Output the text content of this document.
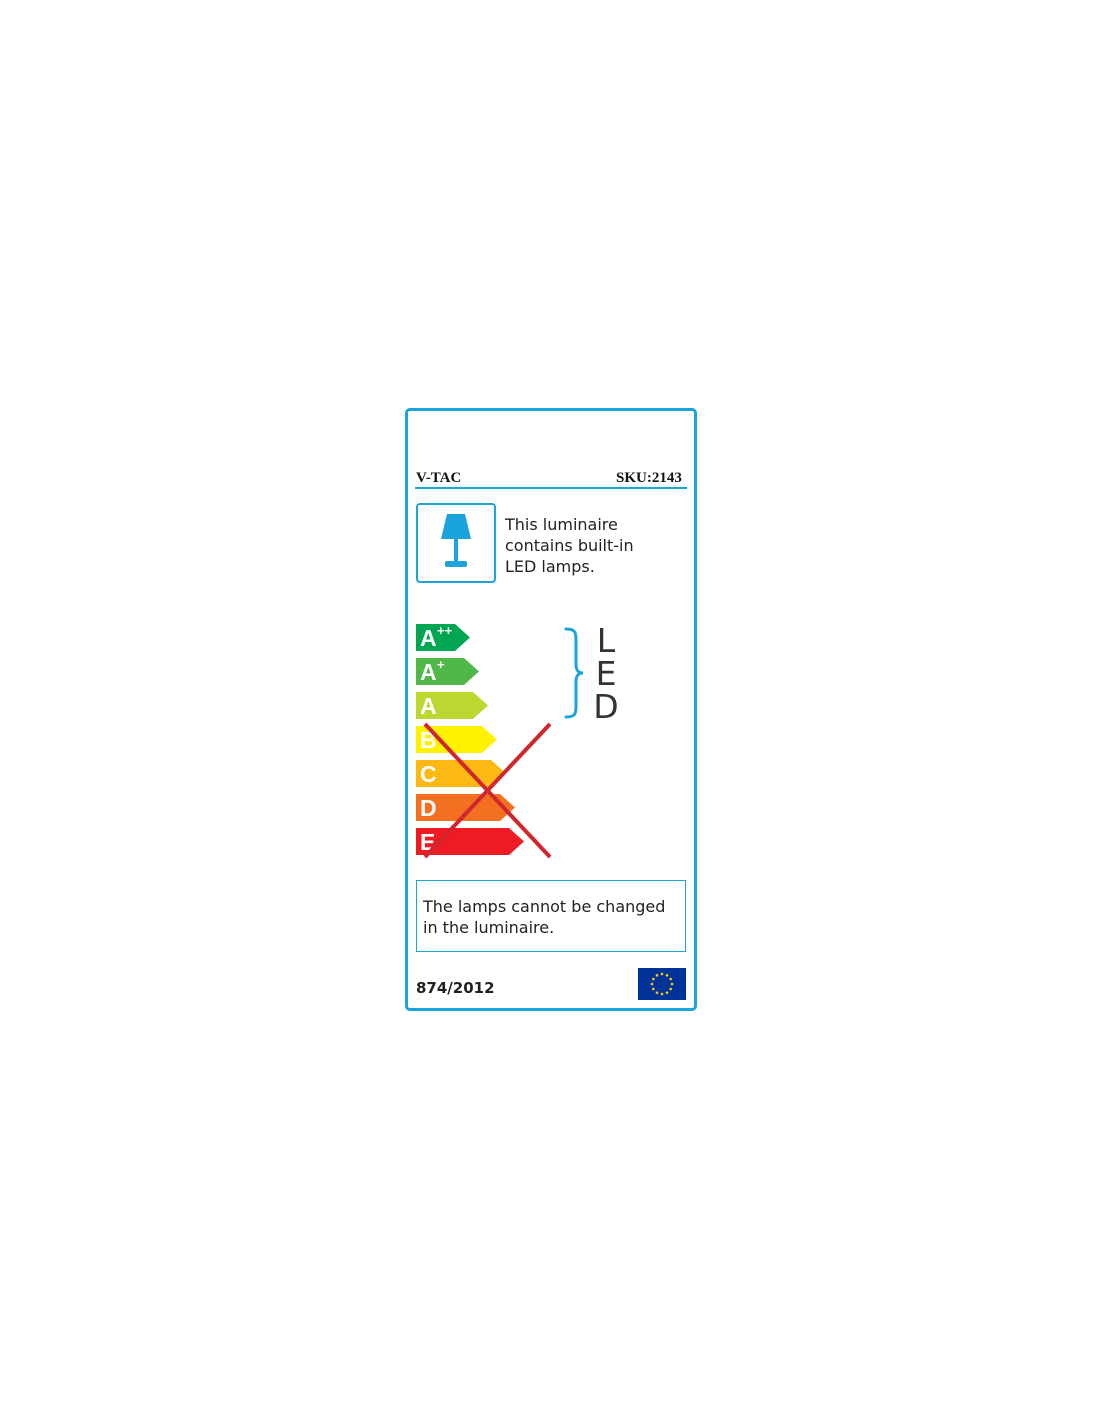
V-TAC	SKU:2143
This luminaire
contains built-in
LED lamps.
A ++
A +
A
B
C
D
E
L
E
D
The lamps cannot be changed
in the luminaire.
874/2012
